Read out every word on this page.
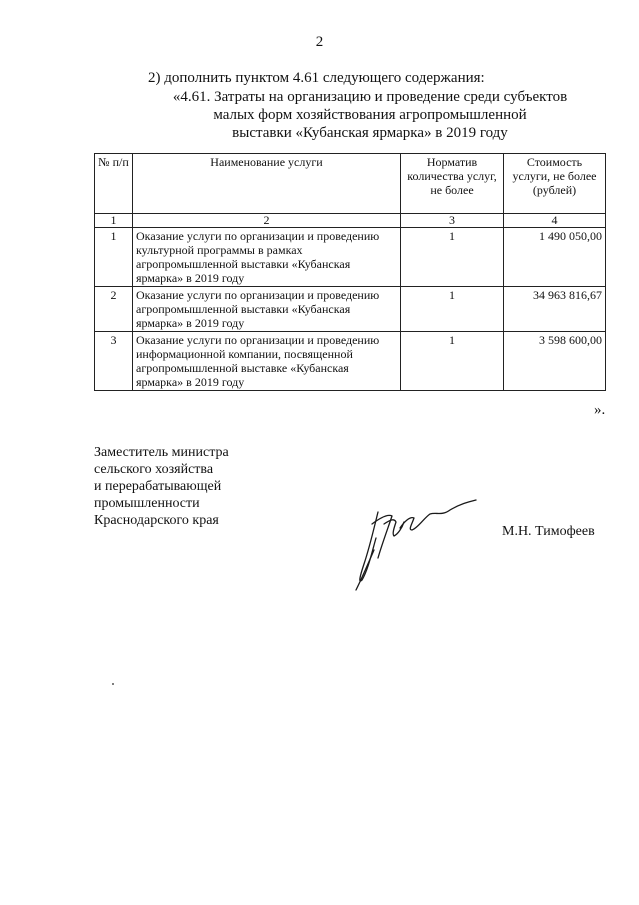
2
2) дополнить пунктом 4.61 следующего содержания:
«4.61. Затраты на организацию и проведение среди субъектов
малых форм хозяйствования агропромышленной
выставки «Кубанская ярмарка» в 2019 году
№ п/п	Наименование услуги	Норматив количества услуг, не более	Стоимость услуги, не более (рублей)
1	2	3	4
1	Оказание услуги по организации и проведению культурной программы в рамках агропромышленной выставки «Кубанская ярмарка» в 2019 году	1	1 490 050,00
2	Оказание услуги по организации и проведению агропромышленной выставки «Кубанская ярмарка» в 2019 году	1	34 963 816,67
3	Оказание услуги по организации и проведению информационной компании, посвященной агропромышленной выставке «Кубанская ярмарка» в 2019 году	1	3 598 600,00
».
Заместитель министра
сельского хозяйства
и перерабатывающей
промышленности
Краснодарского края
М.Н. Тимофеев
